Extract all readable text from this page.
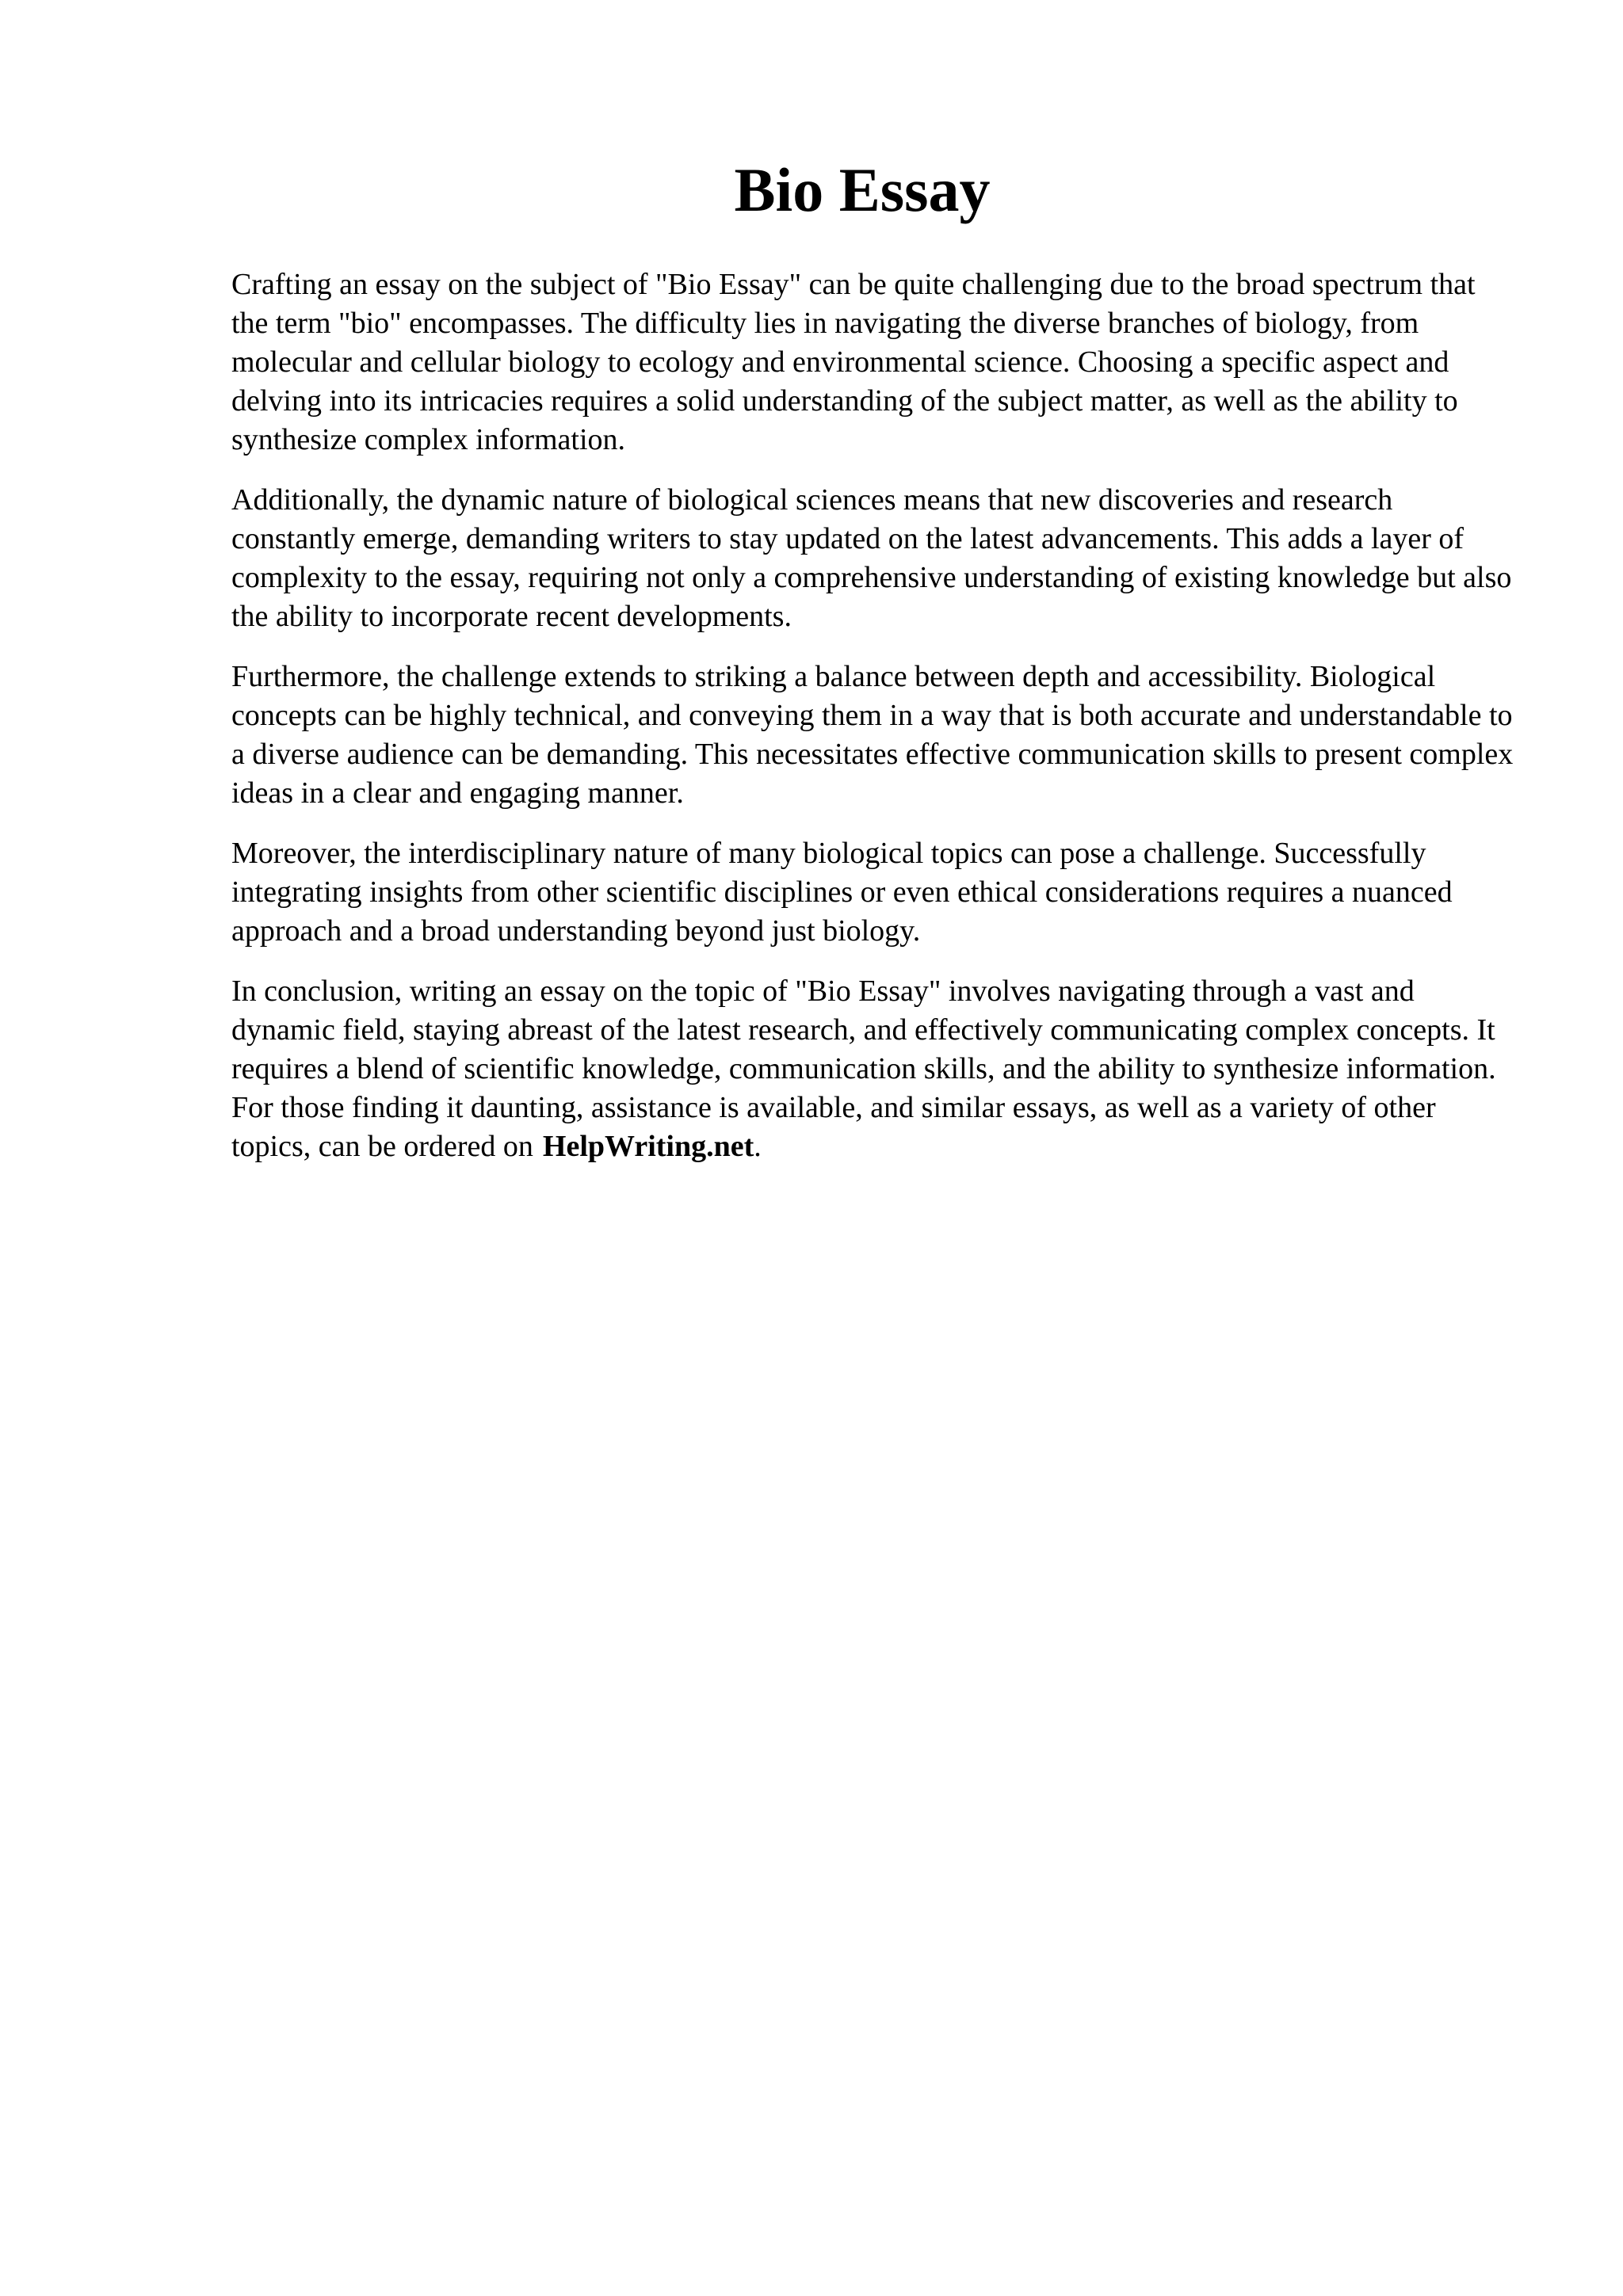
Bio Essay

Crafting an essay on the subject of "Bio Essay" can be quite challenging due to the broad spectrum that the term "bio" encompasses. The difficulty lies in navigating the diverse branches of biology, from molecular and cellular biology to ecology and environmental science. Choosing a specific aspect and delving into its intricacies requires a solid understanding of the subject matter, as well as the ability to synthesize complex information.

Additionally, the dynamic nature of biological sciences means that new discoveries and research constantly emerge, demanding writers to stay updated on the latest advancements. This adds a layer of complexity to the essay, requiring not only a comprehensive understanding of existing knowledge but also the ability to incorporate recent developments.

Furthermore, the challenge extends to striking a balance between depth and accessibility. Biological concepts can be highly technical, and conveying them in a way that is both accurate and understandable to a diverse audience can be demanding. This necessitates effective communication skills to present complex ideas in a clear and engaging manner.

Moreover, the interdisciplinary nature of many biological topics can pose a challenge. Successfully integrating insights from other scientific disciplines or even ethical considerations requires a nuanced approach and a broad understanding beyond just biology.

In conclusion, writing an essay on the topic of "Bio Essay" involves navigating through a vast and dynamic field, staying abreast of the latest research, and effectively communicating complex concepts. It requires a blend of scientific knowledge, communication skills, and the ability to synthesize information. For those finding it daunting, assistance is available, and similar essays, as well as a variety of other topics, can be ordered on HelpWriting.net.
